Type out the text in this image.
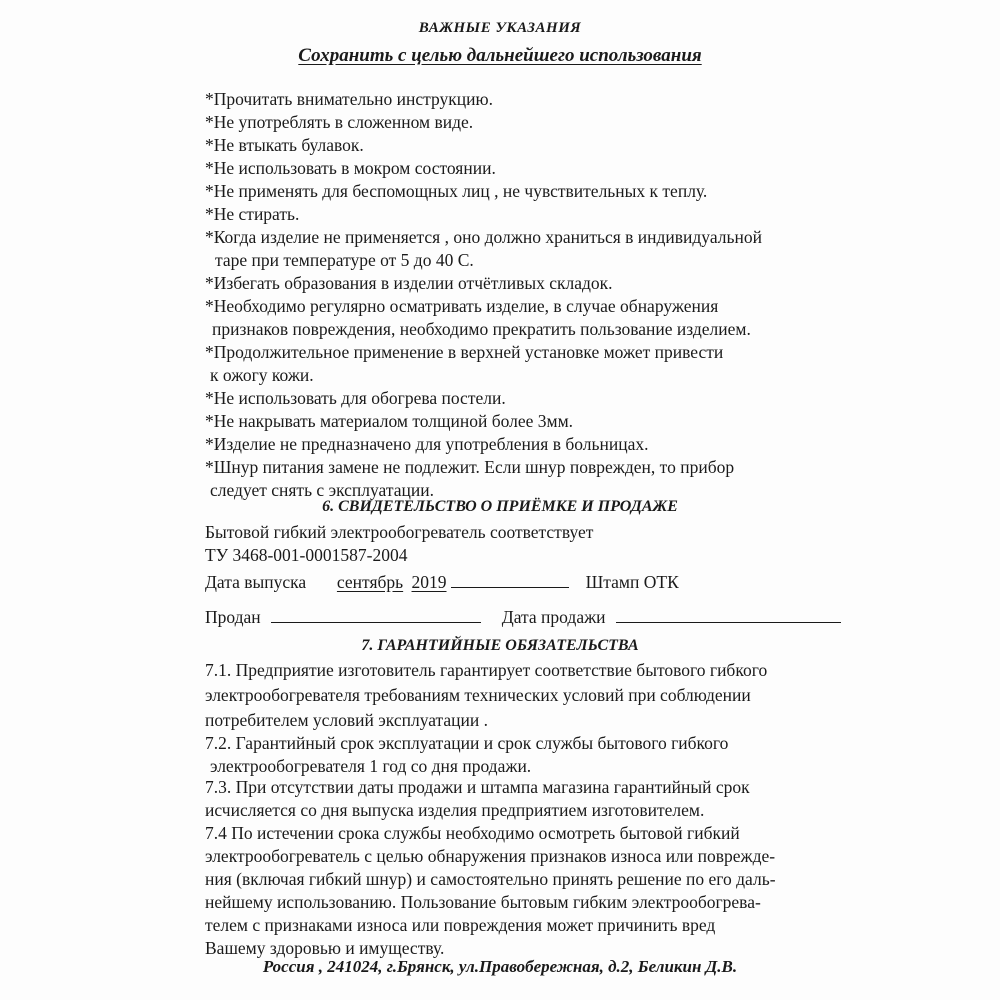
ВАЖНЫЕ УКАЗАНИЯ
Сохранить с целью дальнейшего использования
*Прочитать внимательно инструкцию.
*Не употреблять в сложенном виде.
*Не втыкать булавок.
*Не использовать в мокром состоянии.
*Не применять для беспомощных лиц , не чувствительных к теплу.
*Не стирать.
*Когда изделие не применяется , оно должно храниться в индивидуальной
таре при температуре от 5 до 40 С.
*Избегать образования в изделии отчётливых складок.
*Необходимо регулярно осматривать изделие, в случае обнаружения
признаков повреждения, необходимо прекратить пользование изделием.
*Продолжительное применение в верхней установке может привести
к ожогу кожи.
*Не использовать для обогрева постели.
*Не накрывать материалом толщиной более 3мм.
*Изделие не предназначено для употребления в больницах.
*Шнур питания замене не подлежит. Если шнур поврежден, то прибор
следует снять с эксплуатации.
6. СВИДЕТЕЛЬСТВО О ПРИЁМКЕ И ПРОДАЖЕ
Бытовой гибкий электрообогреватель соответствует
ТУ 3468-001-0001587-2004
Дата выпуска сентябрь 2019	Штамп ОТК
Продан	Дата продажи
7. ГАРАНТИЙНЫЕ ОБЯЗАТЕЛЬСТВА
7.1. Предприятие изготовитель гарантирует соответствие бытового гибкого
электрообогревателя требованиям технических условий при соблюдении
потребителем условий эксплуатации .
7.2. Гарантийный срок эксплуатации и срок службы бытового гибкого
электрообогревателя 1 год со дня продажи.
7.3. При отсутствии даты продажи и штампа магазина гарантийный срок
исчисляется со дня выпуска изделия предприятием изготовителем.
7.4 По истечении срока службы необходимо осмотреть бытовой гибкий
электрообогреватель с целью обнаружения признаков износа или поврежде-
ния (включая гибкий шнур) и самостоятельно принять решение по его даль-
нейшему использованию. Пользование бытовым гибким электрообогрева-
телем с признаками износа или повреждения может причинить вред
Вашему здоровью и имуществу.
Россия , 241024, г.Брянск, ул.Правобережная, д.2, Беликин Д.В.
